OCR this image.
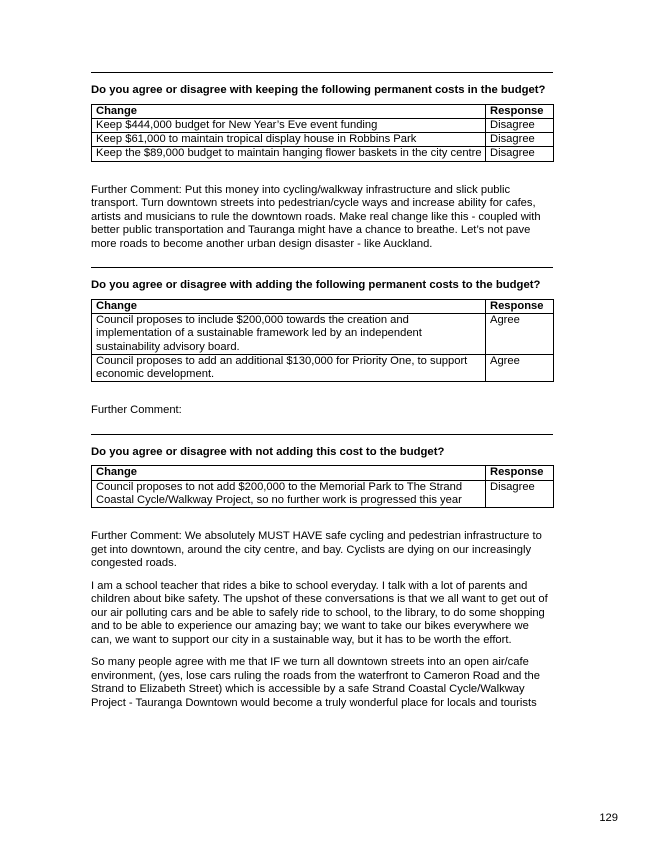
Do you agree or disagree with keeping the following permanent costs in the budget?

Change	Response
Keep $444,000 budget for New Year’s Eve event funding	Disagree
Keep $61,000 to maintain tropical display house in Robbins Park	Disagree
Keep the $89,000 budget to maintain hanging flower baskets in the city centre	Disagree

Further Comment: Put this money into cycling/walkway infrastructure and slick public transport. Turn downtown streets into pedestrian/cycle ways and increase ability for cafes, artists and musicians to rule the downtown roads. Make real change like this - coupled with better public transportation and Tauranga might have a chance to breathe. Let’s not pave more roads to become another urban design disaster - like Auckland.

Do you agree or disagree with adding the following permanent costs to the budget?

Change	Response
Council proposes to include $200,000 towards the creation and implementation of a sustainable framework led by an independent sustainability advisory board.	Agree
Council proposes to add an additional $130,000 for Priority One, to support economic development.	Agree

Further Comment:

Do you agree or disagree with not adding this cost to the budget?

Change	Response
Council proposes to not add $200,000 to the Memorial Park to The Strand Coastal Cycle/Walkway Project, so no further work is progressed this year	Disagree

Further Comment: We absolutely MUST HAVE safe cycling and pedestrian infrastructure to get into downtown, around the city centre, and bay. Cyclists are dying on our increasingly congested roads.

I am a school teacher that rides a bike to school everyday. I talk with a lot of parents and children about bike safety. The upshot of these conversations is that we all want to get out of our air polluting cars and be able to safely ride to school, to the library, to do some shopping and to be able to experience our amazing bay; we want to take our bikes everywhere we can, we want to support our city in a sustainable way, but it has to be worth the effort.

So many people agree with me that IF we turn all downtown streets into an open air/cafe environment, (yes, lose cars ruling the roads from the waterfront to Cameron Road and the Strand to Elizabeth Street) which is accessible by a safe Strand Coastal Cycle/Walkway Project - Tauranga Downtown would become a truly wonderful place for locals and tourists

129
